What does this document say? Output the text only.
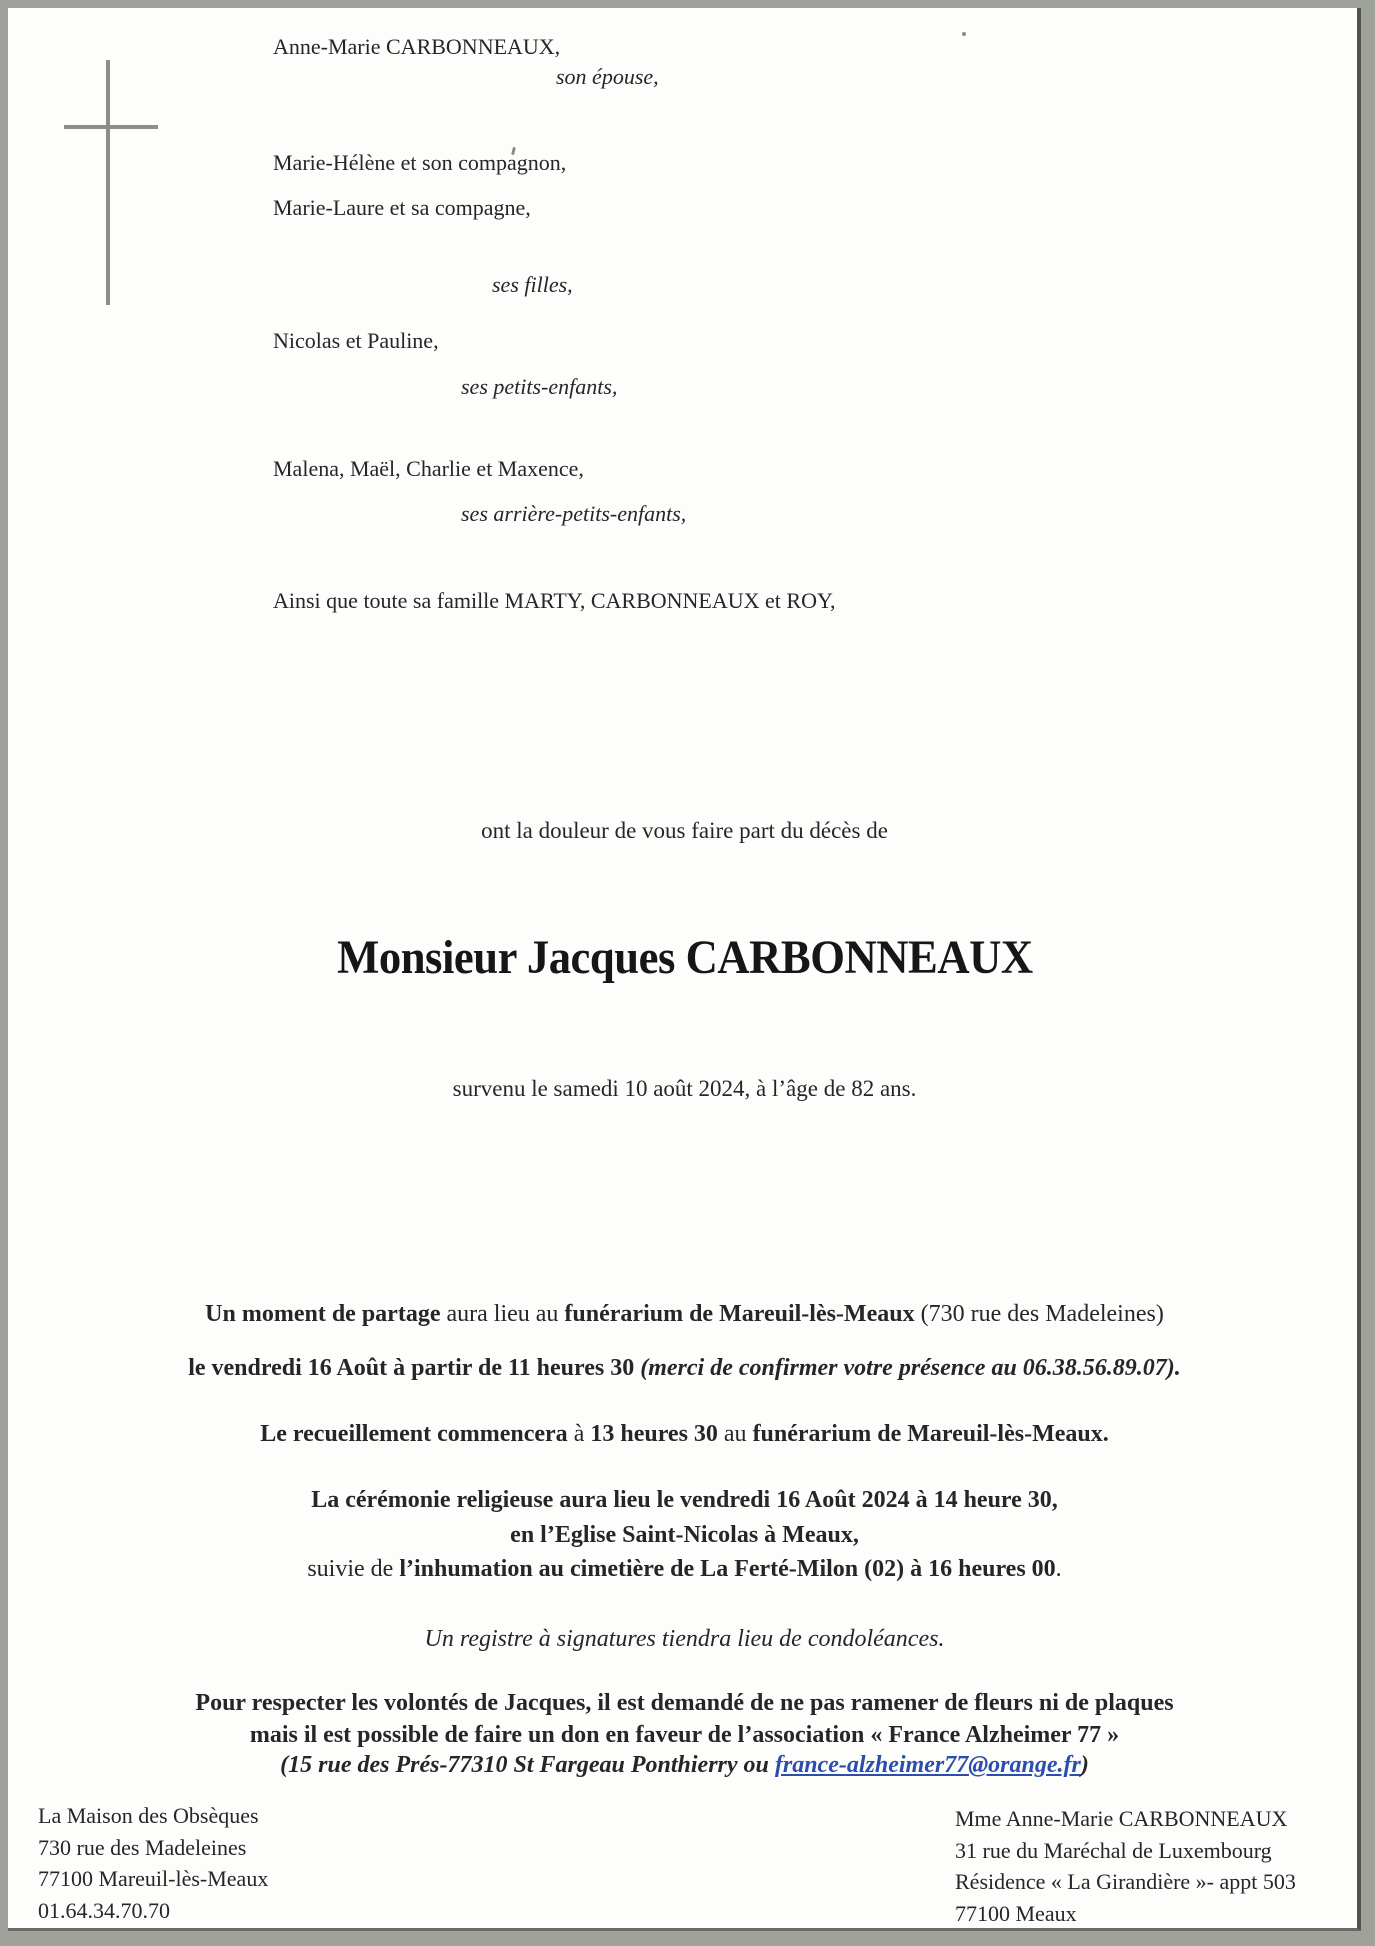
Anne-Marie CARBONNEAUX,
son épouse,
Marie-Hélène et son compagnon,
Marie-Laure et sa compagne,
ses filles,
Nicolas et Pauline,
ses petits-enfants,
Malena, Maël, Charlie et Maxence,
ses arrière-petits-enfants,
Ainsi que toute sa famille MARTY, CARBONNEAUX et ROY,
ont la douleur de vous faire part du décès de
Monsieur Jacques CARBONNEAUX
survenu le samedi 10 août 2024, à l’âge de 82 ans.
Un moment de partage aura lieu au funérarium de Mareuil-lès-Meaux (730 rue des Madeleines)
le vendredi 16 Août à partir de 11 heures 30 (merci de confirmer votre présence au 06.38.56.89.07).
Le recueillement commencera à 13 heures 30 au funérarium de Mareuil-lès-Meaux.
La cérémonie religieuse aura lieu le vendredi 16 Août 2024 à 14 heure 30,
en l’Eglise Saint-Nicolas à Meaux,
suivie de l’inhumation au cimetière de La Ferté-Milon (02) à 16 heures 00.
Un registre à signatures tiendra lieu de condoléances.
Pour respecter les volontés de Jacques, il est demandé de ne pas ramener de fleurs ni de plaques
mais il est possible de faire un don en faveur de l’association « France Alzheimer 77 »
(15 rue des Prés-77310 St Fargeau Ponthierry ou france-alzheimer77@orange.fr)
La Maison des Obsèques
730 rue des Madeleines
77100 Mareuil-lès-Meaux
01.64.34.70.70
Mme Anne-Marie CARBONNEAUX
31 rue du Maréchal de Luxembourg
Résidence « La Girandière »- appt 503
77100 Meaux
